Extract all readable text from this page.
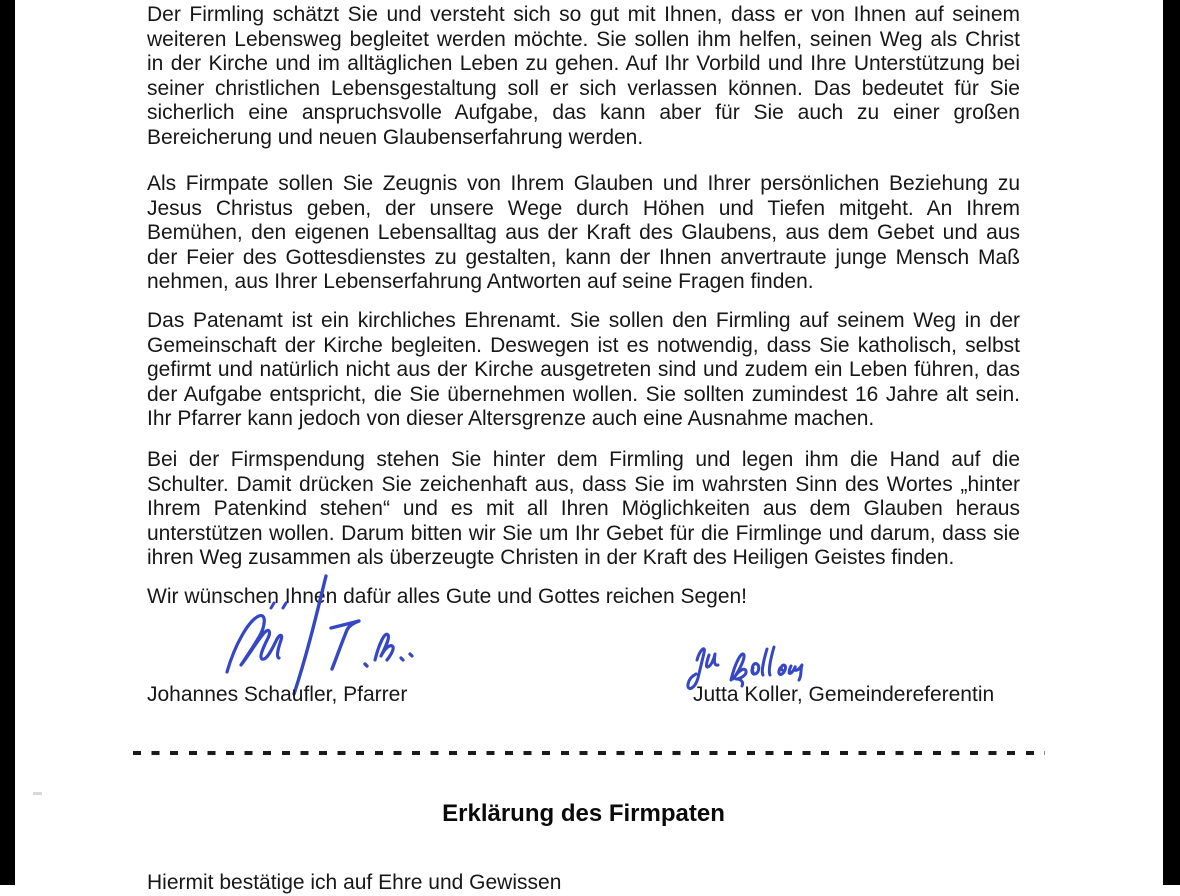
Der Firmling schätzt Sie und versteht sich so gut mit Ihnen, dass er von Ihnen auf seinem
weiteren Lebensweg begleitet werden möchte. Sie sollen ihm helfen, seinen Weg als Christ
in der Kirche und im alltäglichen Leben zu gehen. Auf Ihr Vorbild und Ihre Unterstützung bei
seiner christlichen Lebensgestaltung soll er sich verlassen können. Das bedeutet für Sie
sicherlich eine anspruchsvolle Aufgabe, das kann aber für Sie auch zu einer großen
Bereicherung und neuen Glaubenserfahrung werden.
Als Firmpate sollen Sie Zeugnis von Ihrem Glauben und Ihrer persönlichen Beziehung zu
Jesus Christus geben, der unsere Wege durch Höhen und Tiefen mitgeht. An Ihrem
Bemühen, den eigenen Lebensalltag aus der Kraft des Glaubens, aus dem Gebet und aus
der Feier des Gottesdienstes zu gestalten, kann der Ihnen anvertraute junge Mensch Maß
nehmen, aus Ihrer Lebenserfahrung Antworten auf seine Fragen finden.
Das Patenamt ist ein kirchliches Ehrenamt. Sie sollen den Firmling auf seinem Weg in der
Gemeinschaft der Kirche begleiten. Deswegen ist es notwendig, dass Sie katholisch, selbst
gefirmt und natürlich nicht aus der Kirche ausgetreten sind und zudem ein Leben führen, das
der Aufgabe entspricht, die Sie übernehmen wollen. Sie sollten zumindest 16 Jahre alt sein.
Ihr Pfarrer kann jedoch von dieser Altersgrenze auch eine Ausnahme machen.
Bei der Firmspendung stehen Sie hinter dem Firmling und legen ihm die Hand auf die
Schulter. Damit drücken Sie zeichenhaft aus, dass Sie im wahrsten Sinn des Wortes „hinter
Ihrem Patenkind stehen“ und es mit all Ihren Möglichkeiten aus dem Glauben heraus
unterstützen wollen. Darum bitten wir Sie um Ihr Gebet für die Firmlinge und darum, dass sie
ihren Weg zusammen als überzeugte Christen in der Kraft des Heiligen Geistes finden.
Wir wünschen Ihnen dafür alles Gute und Gottes reichen Segen!
Johannes Schaufler, Pfarrer	Jutta Koller, Gemeindereferentin
Erklärung des Firmpaten
Hiermit bestätige ich auf Ehre und Gewissen
